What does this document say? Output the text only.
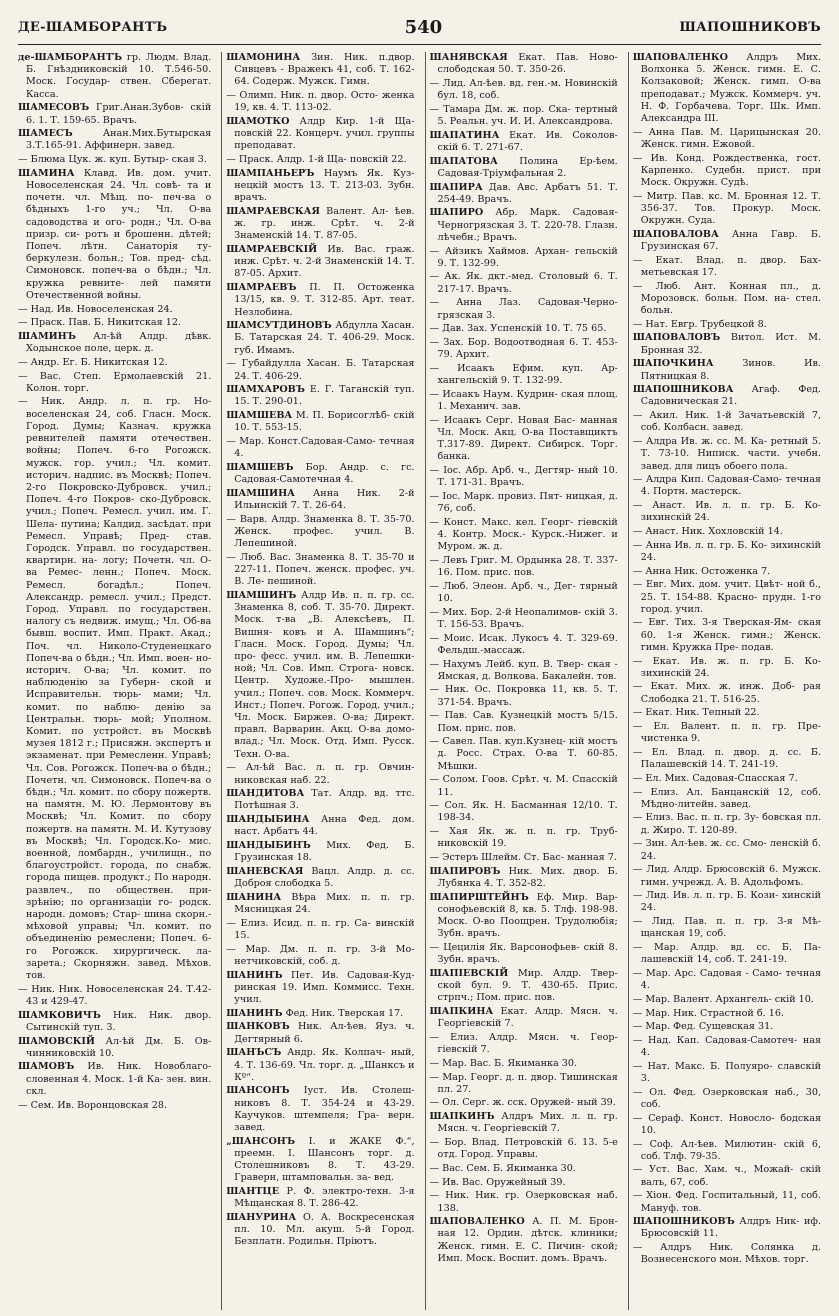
ДЕ-ШАМБОРАНТЪ	540	ШАПОШНИКОВЪ
де-ШАМБОРАНТЪ гр. Людм. Влад. Б. Гнѣздниковскій 10. Т.546-50. Моск. Государ- ствен. Сберегат. Касса.
ШАМЕСОВЪ Григ.Анан.Зубов- скій 6. 1. Т. 159-65. Врачъ.
ШАМЕСЪ Анан.Мих.Бутырская 3.Т.165-91. Аффинерн. завед.
— Блюма Цук. ж. куп. Бутыр- ская 3.
ШАМИНА Клавд. Ив. дом. учит. Новоселенская 24. Чл. совѣ- та и почетн. чл. Мѣщ. по- печ-ва о бѣдныхъ 1-го уч.; Чл. О-ва садоводства и ого- родн.; Чл. О-ва призр. си- ротъ и брошенн. дѣтей; Попеч. лѣтн. Санаторія ту- беркулезн. больн.; Тов. пред- сѣд. Симоновск. попеч-ва о бѣдн.; Чл. кружка ревните- лей памяти Отечественной войны.
— Над. Ив. Новоселенская 24.
— Праск. Пав. Б. Никитская 12.
ШАМИНЪ Ал-ѣй Алдр. дѣвк. Ходынское поле, церк. д.
— Андр. Ег. Б. Никитская 12.
— Вас. Степ. Ермолаевскій 21. Колон. торг.
— Ник. Андр. л. п. гр. Но- воселенская 24, соб. Гласн. Моск. Город. Думы; Казнач. кружка ревнителей памяти отечествен. войны; Попеч. 6-го Рогожск. мужск. гор. учил.; Чл. комит. историч. надпис. въ Москвѣ; Попеч. 2-го Покровско-Дубровск. учил.; Попеч. 4-го Покров- ско-Дубровск. учил.; Попеч. Ремесл. учил. им. Г. Шела- путина; Калдид. засѣдат. при Ремесл. Управѣ; Пред- став. Городск. Управл. по государствен. квартирн. на- логу; Почетн. чл. О-ва Ремес- ленн.; Попеч. Моск. Ремесл. богадѣл.; Попеч. Александр. ремесл. учил.; Предст. Город. Управл. по государствен. налогу съ недвиж. имущ.; Чл. Об-ва бывш. воспит. Имп. Практ. Акад.; Поч. чл. Николо-Студенецкаго Попеч-ва о бѣдн.; Чл. Имп. воен- но-историч. О-ва; Чл. комит. по наблюденію за Губерн- ской и Исправительн. тюрь- мами; Чл. комит. по наблю- денію за Центральн. тюрь- мой; Уполном. Комит. по устройст. въ Москвѣ музея 1812 г.; Присяжн. экспертъ и экзаменат. при Ремесленн. Управѣ; Чл. Сов. Рогожск. Попеч-ва о бѣдн.; Почетн. чл. Симоновск. Попеч-ва о бѣдн.; Чл. комит. по сбору пожертв. на памятн. М. Ю. Лермонтову въ Москвѣ; Чл. Комит. по сбору пожертв. на памятн. М. И. Кутузову въ Москвѣ; Чл. Городск.Ко- мис. военной, ломбардн., училищн., по благоустройст. города, по снабж. города пищев. продукт.; По народн. развлеч., по обществен. при- зрѣнію; по организаціи го- родск. народн. домовъ; Стар- шина скорн.-мѣховой управы; Чл. комит. по объединенію ремесленн; Попеч. 6-го Рогожск. хирургическ. ла- зарета.; Скорняжн. завед. Мѣхов. тов.
— Ник. Ник. Новоселенская 24. Т.42-43 и 429-47.
ШАМКОВИЧЪ Ник. Ник. двор. Сытинскій туп. 3.
ШАМОВСКІЙ Ал-ѣй Дм. Б. Ов- чинниковскій 10.
ШАМОВЪ Ив. Ник. Новоблаго- словенная 4. Моск. 1-й Ка- зен. вин. скл.
— Сем. Ив. Воронцовская 28.
ШАМОНИНА Зин. Ник. п.двор. Сивцевъ - Вражекъ 41, соб. Т. 162-64. Содерж. Мужск. Гимн.
— Олимп. Ник. п. двор. Осто- женка 19, кв. 4. Т. 113-02.
ШАМОТКО Алдр Кир. 1-й Ща- повскій 22. Концерч. учил. группы преподават.
— Праск. Алдр. 1-й Ща- повскій 22.
ШАМПАНЬЕРЪ Наумъ Як. Куз- нецкій мостъ 13. Т. 213-03. Зубн. врачъ.
ШАМРАЕВСКАЯ Валент. Ал- ѣев. ж. гр. инж. Срѣт. ч. 2-й Знаменскій 14. Т. 87-05.
ШАМРАЕВСКІЙ Ив. Вас. граж. инж. Срѣт. ч. 2-й Знаменскій 14. Т. 87-05. Архит.
ШАМРАЕВЪ П. П. Остоженка 13/15, кв. 9. Т. 312-85. Арт. теат. Незлобина.
ШАМСУТДИНОВЪ Абдулла Хасан. Б. Татарская 24. Т. 406-29. Моск. губ. Имамъ.
— Губайдулла Хасан. Б. Татарская 24. Т. 406-29.
ШАМХАРОВЪ Е. Г. Таганскій туп. 15. Т. 290-01.
ШАМШЕВА М. П. Борисоглѣб- скій 10. Т. 553-15.
— Мар. Конст.Садовая-Само- течная 4.
ШАМШЕВЪ Бор. Андр. с. гс. Садовая-Самотечная 4.
ШАМШИНА Анна Ник. 2-й Ильинскій 7. Т. 26-64.
— Варв. Алдр. Знаменка 8. Т. 35-70. Женск. профес. учил. В. Лепешиной.
— Люб. Вас. Знаменка 8. Т. 35-70 и 227-11. Попеч. женск. профес. уч. В. Ле- пешиной.
ШАМШИНЪ Алдр Ив. п. п. гр. сс. Знаменка 8, соб. Т. 35-70. Директ. Моск. т-ва „В. Алексѣевъ, П. Вишня- ковъ и А. Шамшинъ“; Гласн. Моск. Город. Думы; Чл. про- фесс. учил. им. В. Лепешки- ной; Чл. Сов. Имп. Строга- новск. Центр. Художе.-Про- мышлен. учил.; Попеч. сов. Моск. Коммерч. Инст.; Попеч. Рогож. Город. учил.; Чл. Моск. Биржев. О-ва; Директ. правл. Варварин. Акц. О-ва домо- влад.; Чл. Моск. Отд. Имп. Русск. Техн. О-ва.
— Ал-ѣй Вас. л. п. гр. Овчин- никовская наб. 22.
ШАНДИТОВА Тат. Алдр. вд. ттс. Потѣшная 3.
ШАНДЫБИНА Анна Фед. дом. наст. Арбатъ 44.
ШАНДЫБИНЪ Мих. Фед. Б. Грузинская 18.
ШАНЕВСКАЯ Вацл. Алдр. д. сс. Доброя слободка 5.
ШАНИНА Вѣра Мих. п. п. гр. Мясницкая 24.
— Елиз. Исид. п. п. гр. Са- винскій 15.
— Мар. Дм. п. п. гр. 3-й Мо- нетчиковскій, соб. д.
ШАНИНЪ Пет. Ив. Садовая-Куд- ринская 19. Имп. Коммисс. Техн. учил.
ШАНИНЪ Фед. Ник. Тверская 17.
ШАНКОВЪ Ник. Ал-ѣев. Яуз. ч. Дегтярный 6.
ШАНЪСЪ Андр. Як. Колпач- ный, 4. Т. 136-69. Чл. торг. д. „Шанксъ и Кº“.
ШАНСОНЪ Іуст. Ив. Столеш- никовъ 8. Т. 354-24 и 43-29. Каучуков. штемпеля; Гра- верн. завед.
„ШАНСОНЪ І. и ЖАКЕ Ф.“, преемн. І. Шансонъ торг. д. Столешниковъ 8. Т. 43-29. Граверн, штамповальн. за- вед.
ШАНТЦЕ Р. Ф. электро-техн. 3-я Мѣщанская 8. Т. 286-42.
ШАНУРИНА О. А. Воскресенская пл. 10. Мл. акуш. 5-й Город. Безплатн. Родильн. Пріютъ.
ШАНЯВСКАЯ Екат. Пав. Ново- слободская 50. Т. 350-26.
— Лид. Ал-ѣев. вд. ген.-м. Новинскій бул. 18, соб.
— Тамара Дм. ж. пор. Ска- тертный 5. Реальн. уч. И. И. Александрова.
ШАПАТИНА Екат. Ив. Соколов- скій 6. Т. 271-67.
ШАПАТОВА Полина Ер-ѣем. Садовая-Тріумфальная 2.
ШАПИРА Дав. Авс. Арбатъ 51. Т. 254-49. Врачъ.
ШАПИРО Абр. Марк. Садовая- Черногрязская 3. Т. 220-78. Глазн. лѣчебн.; Врачъ.
— Айзикъ Хаймов. Архан- гельскій 9. Т. 132-99.
— Ак. Як. дкт.-мед. Столовый 6. Т. 217-17. Врачъ.
— Анна Лаз. Садовая-Черно- грязская 3.
— Дав. Зах. Успенскій 10. Т. 75 65.
— Зах. Бор. Водоотводная 6. Т. 453-79. Архит.
— Исаакъ Ефим. куп. Ар- хангельскій 9. Т. 132-99.
— Исаакъ Наум. Кудрин- ская площ. 1. Механич. зав.
— Исаакъ Серг. Новая Бас- манная Чл. Моск. Акц. О-ва Поставщиктъ Т.317-89. Директ. Сибирск. Торг. банка.
— Іос. Абр. Арб. ч., Дегтяр- ный 10. Т. 171-31. Врачъ.
— Іос. Марк. провиз. Пят- ницкая, д. 76, соб.
— Конст. Макс. кел. Георг- гіевскій 4. Контр. Моск.- Курск.-Нижег. и Муром. ж. д.
— Левъ Григ. М. Ордынка 28. Т. 337-16. Пом. прис. пов.
— Люб. Элеон. Арб. ч., Дег- тярный 10.
— Мих. Бор. 2-й Неопалимов- скій 3. Т. 156-53. Врачъ.
— Моис. Исак. Лукосъ 4. Т. 329-69. Фельдш.-массаж.
— Нахумъ Лейб. куп. В. Твер- ская - Ямская, д. Волкова. Бакалейн. тов.
— Ник. Ос. Покровка 11, кв. 5. Т. 371-54. Врачъ.
— Пав. Сав. Кузнецкій мостъ 5/15. Пом. прис. пов.
— Савел. Пав. куп.Кузнец- кій мостъ д. Росс. Страх. О-ва Т. 60-85. Мѣшки.
— Солом. Гоов. Срѣт. ч. М. Спасскій 11.
— Сол. Як. Н. Басманная 12/10. Т. 198-34.
— Хая Як. ж. п. п. гр. Труб- никовскій 19.
— Эстеръ Шлейм. Ст. Бас- манная 7.
ШАПИРОВЪ Ник. Мих. двор. Б. Лубянка 4. Т. 352-82.
ШАПИРШТЕЙНЪ Еф. Мир. Вар- сонофьевскій 8, кв. 5. Тлф. 198-98. Моск. О-во Поощрен. Трудолюбія; Зубн. врачъ.
— Цецилія Як. Варсонофьев- скій 8. Зубн. врачъ.
ШАПІЕВСКІЙ Мир. Алдр. Твер- ской бул. 9. Т. 430-65. Прис. стрпч.; Пом. прис. пов.
ШАПКИНА Екат. Алдр. Мясн. ч. Георгіевскій 7.
— Елиз. Алдр. Мясн. ч. Геор- гіевскій 7.
— Мар. Вас. Б. Якиманка 30.
— Мар. Георг. д. п. двор. Тишинская пл. 27.
— Ол. Серг. ж. сск. Оружей- ный 39.
ШАПКИНЪ Алдръ Мих. л. п. гр. Мясн. ч. Георгіевскій 7.
— Бор. Влад. Петровскій 6. 13. 5-е отд. Город. Управы.
— Вас. Сем. Б. Якиманка 30.
— Ив. Вас. Оружейный 39.
— Ник. Ник. гр. Озерковская наб. 138.
ШАПОВАЛЕНКО А. П. М. Брон- ная 12. Ордин. дѣтск. клиники; Женск. гимн. Е. С. Пичин- ской; Имп. Моск. Воспит. домъ. Врачъ.
ШАПОВАЛЕНКО Алдръ Мих. Волхонка 5. Женск. гимн. Е. С. Колзаковой; Женск. гимп. О-ва преподават.; Мужск. Коммерч. уч. Н. Ф. Горбачева. Торг. Шк. Имп. Александра III.
— Анна Пав. М. Царицынская 20. Женск. гимн. Ежовой.
— Ив. Конд. Рождественка, гост. Карпенко. Судебн. прист. при Моск. Окружн. Судѣ.
— Митр. Пав. кс. М. Бронная 12. Т. 356-37. Тов. Прокур. Моск. Окружн. Суда.
ШАПОВАЛОВА Анна Гавр. Б. Грузинская 67.
— Екат. Влад. п. двор. Бах- метьевская 17.
— Люб. Ант. Конная пл., д. Морозовск. больн. Пом. на- стел. больн.
— Нат. Евгр. Трубецкой 8.
ШАПОВАЛОВЪ Витол. Ист. М. Бронная 32.
ШАПОЧКИНА Зинов. Ив. Пятницкая 8.
ШАПОШНИКОВА Агаф. Фед. Садовническая 21.
— Акил. Ник. 1-й Зачатьевскій 7, соб. Колбасн. завед.
— Алдра Ив. ж. сс. М. Ка- ретный 5. Т. 73-10. Ниписк. части. учебн. завед. для лицъ обоего пола.
— Алдра Кип. Садовая-Само- течная 4. Портн. мастерск.
— Анаст. Ив. л. п. гр. Б. Ко- зихинскій 24.
— Анаст. Ник. Хохловскій 14.
— Анна Ив. л. п. гр. Б. Ко- зихинскій 24.
— Анна Ник. Остоженка 7.
— Евг. Мих. дом. учит. Цвѣт- ной б., 25. Т. 154-88. Красно- прудн. 1-го город. учил.
— Евг. Тих. 3-я Тверская-Ям- ская 60. 1-я Женск. гимн.; Женск. гимн. Кружка Пре- подав.
— Екат. Ив. ж. п. гр. Б. Ко- зихинскій 24.
— Екат. Мих. ж. инж. Доб- рая Слободка 21. Т. 516-25.
— Екат. Ник. Тепный 22.
— Ел. Валент. п. п. гр. Пре- чистенка 9.
— Ел. Влад. п. двор. д. сс. Б. Палашевскій 14. Т. 241-19.
— Ел. Мих. Садовая-Спасская 7.
— Елиз. Ал. Банцанскій 12, соб. Мѣдно-литейн. завед.
— Елиз. Вас. п. п. гр. Зу- бовская пл. д. Жиро. Т. 120-89.
— Зин. Ал-ѣев. ж. сс. Смо- ленскій б. 24.
— Лид. Алдр. Брюсовскій 6. Мужск. гимн. учрежд. А. В. Адольфомъ.
— Лид. Ив. л. п. гр. Б. Кози- хинскій 24.
— Лид. Пав. п. п. гр. 3-я Мѣ- щанская 19, соб.
— Мар. Алдр. вд. сс. Б. Па- лашевскій 14, соб. Т. 241-19.
— Мар. Арс. Садовая - Само- течная 4.
— Мар. Валент. Архангель- скій 10.
— Мар. Ник. Страстной б. 16.
— Мар. Фед. Сущевская 31.
— Над. Кап. Садовая-Самотеч- ная 4.
— Нат. Макс. Б. Полуяро- славскій 3.
— Ол. Фед. Озерковская наб., 30, соб.
— Сераф. Конст. Новосло- бодская 10.
— Соф. Ал-ѣев. Милютин- скій 6, соб. Тлф. 79-35.
— Уст. Вас. Хам. ч., Можай- скій валъ, 67, соб.
— Хіон. Фед. Госпитальный, 11, соб. Мануф. тов.
ШАПОШНИКОВЪ Алдръ Ник- иф. Брюсовскій 11.
— Алдръ Ник. Солянка д. Вознесенского мон. Мѣхов. торг.
